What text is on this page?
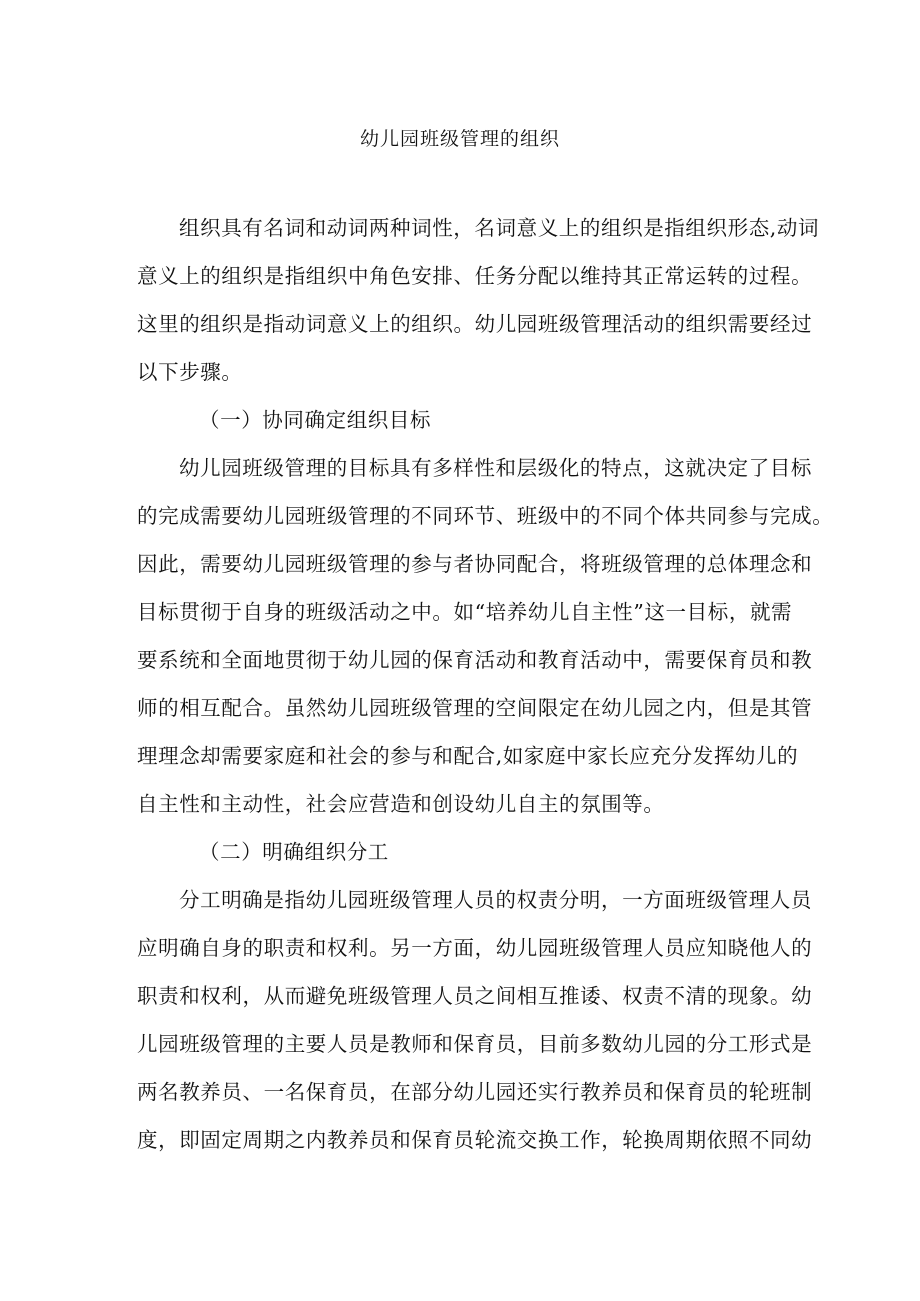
幼儿园班级管理的组织
组织具有名词和动词两种词性，名词意义上的组织是指组织形态,动词
意义上的组织是指组织中角色安排、任务分配以维持其正常运转的过程。
这里的组织是指动词意义上的组织。幼儿园班级管理活动的组织需要经过
以下步骤。
（一）协同确定组织目标
幼儿园班级管理的目标具有多样性和层级化的特点，这就决定了目标
的完成需要幼儿园班级管理的不同环节、班级中的不同个体共同参与完成。
因此，需要幼儿园班级管理的参与者协同配合，将班级管理的总体理念和
目标贯彻于自身的班级活动之中。如“培养幼儿自主性”这一目标，就需
要系统和全面地贯彻于幼儿园的保育活动和教育活动中，需要保育员和教
师的相互配合。虽然幼儿园班级管理的空间限定在幼儿园之内，但是其管
理理念却需要家庭和社会的参与和配合,如家庭中家长应充分发挥幼儿的
自主性和主动性，社会应营造和创设幼儿自主的氛围等。
（二）明确组织分工
分工明确是指幼儿园班级管理人员的权责分明，一方面班级管理人员
应明确自身的职责和权利。另一方面，幼儿园班级管理人员应知晓他人的
职责和权利，从而避免班级管理人员之间相互推诿、权责不清的现象。幼
儿园班级管理的主要人员是教师和保育员，目前多数幼儿园的分工形式是
两名教养员、一名保育员，在部分幼儿园还实行教养员和保育员的轮班制
度，即固定周期之内教养员和保育员轮流交换工作，轮换周期依照不同幼
